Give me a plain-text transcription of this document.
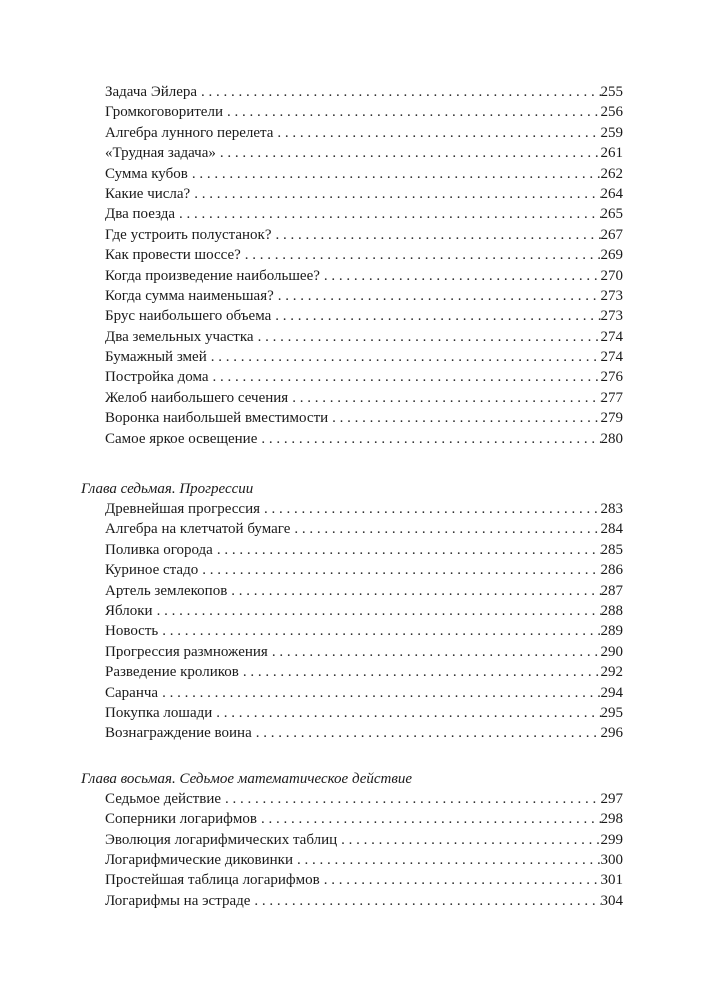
Задача Эйлера . . .	255
Громкоговорители . . .	256
Алгебра лунного перелета . . .	259
«Трудная задача» . . .	261
Сумма кубов . . .	262
Какие числа? . . .	264
Два поезда . . .	265
Где устроить полустанок? . . .	267
Как провести шоссе? . . .	269
Когда произведение наибольшее? . . .	270
Когда сумма наименьшая? . . .	273
Брус наибольшего объема . . .	273
Два земельных участка . . .	274
Бумажный змей . . .	274
Постройка дома . . .	276
Желоб наибольшего сечения . . .	277
Воронка наибольшей вместимости . . .	279
Самое яркое освещение . . .	280
Глава седьмая. Прогрессии
Древнейшая прогрессия . . .	283
Алгебра на клетчатой бумаге . . .	284
Поливка огорода . . .	285
Куриное стадо . . .	286
Артель землекопов . . .	287
Яблоки . . .	288
Новость . . .	289
Прогрессия размножения . . .	290
Разведение кроликов . . .	292
Саранча . . .	294
Покупка лошади . . .	295
Вознаграждение воина . . .	296
Глава восьмая. Седьмое математическое действие
Седьмое действие . . .	297
Соперники логарифмов . . .	298
Эволюция логарифмических таблиц . . .	299
Логарифмические диковинки . . .	300
Простейшая таблица логарифмов . . .	301
Логарифмы на эстраде . . .	304
